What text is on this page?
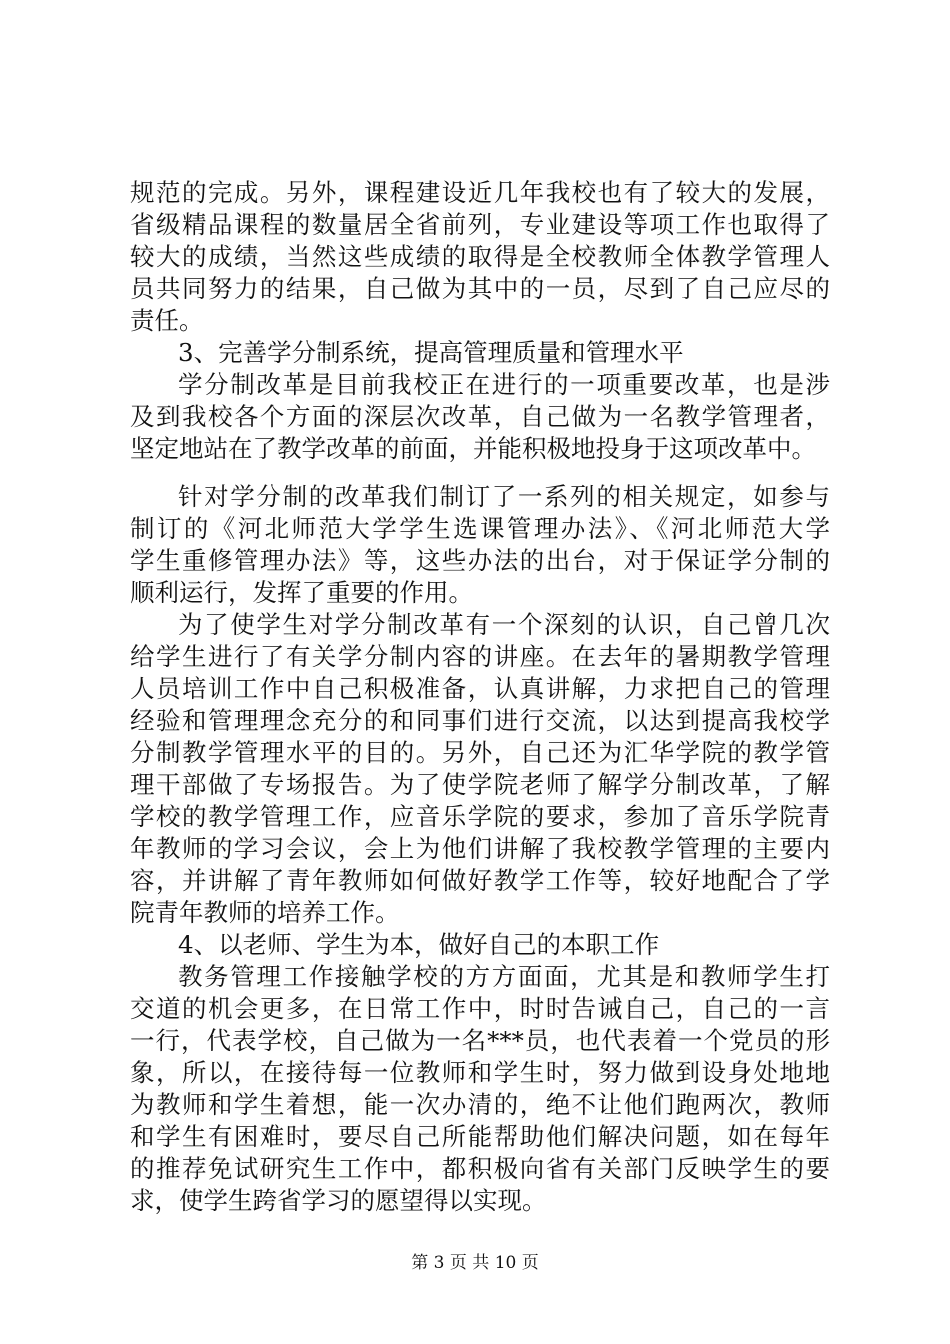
规范的完成。另外，课程建设近几年我校也有了较大的发展，
省级精品课程的数量居全省前列，专业建设等项工作也取得了
较大的成绩，当然这些成绩的取得是全校教师全体教学管理人
员共同努力的结果，自己做为其中的一员，尽到了自己应尽的
责任。
3、完善学分制系统，提高管理质量和管理水平
学分制改革是目前我校正在进行的一项重要改革，也是涉
及到我校各个方面的深层次改革，自己做为一名教学管理者，
坚定地站在了教学改革的前面，并能积极地投身于这项改革中。
针对学分制的改革我们制订了一系列的相关规定，如参与
制订的《河北师范大学学生选课管理办法》、《河北师范大学
学生重修管理办法》等，这些办法的出台，对于保证学分制的
顺利运行，发挥了重要的作用。
为了使学生对学分制改革有一个深刻的认识，自己曾几次
给学生进行了有关学分制内容的讲座。在去年的暑期教学管理
人员培训工作中自己积极准备，认真讲解，力求把自己的管理
经验和管理理念充分的和同事们进行交流，以达到提高我校学
分制教学管理水平的目的。另外，自己还为汇华学院的教学管
理干部做了专场报告。为了使学院老师了解学分制改革，了解
学校的教学管理工作，应音乐学院的要求，参加了音乐学院青
年教师的学习会议，会上为他们讲解了我校教学管理的主要内
容，并讲解了青年教师如何做好教学工作等，较好地配合了学
院青年教师的培养工作。
4、以老师、学生为本，做好自己的本职工作
教务管理工作接触学校的方方面面，尤其是和教师学生打
交道的机会更多，在日常工作中，时时告诫自己，自己的一言
一行，代表学校，自己做为一名***员，也代表着一个党员的形
象，所以，在接待每一位教师和学生时，努力做到设身处地地
为教师和学生着想，能一次办清的，绝不让他们跑两次，教师
和学生有困难时，要尽自己所能帮助他们解决问题，如在每年
的推荐免试研究生工作中，都积极向省有关部门反映学生的要
求，使学生跨省学习的愿望得以实现。
第 3 页 共 10 页
